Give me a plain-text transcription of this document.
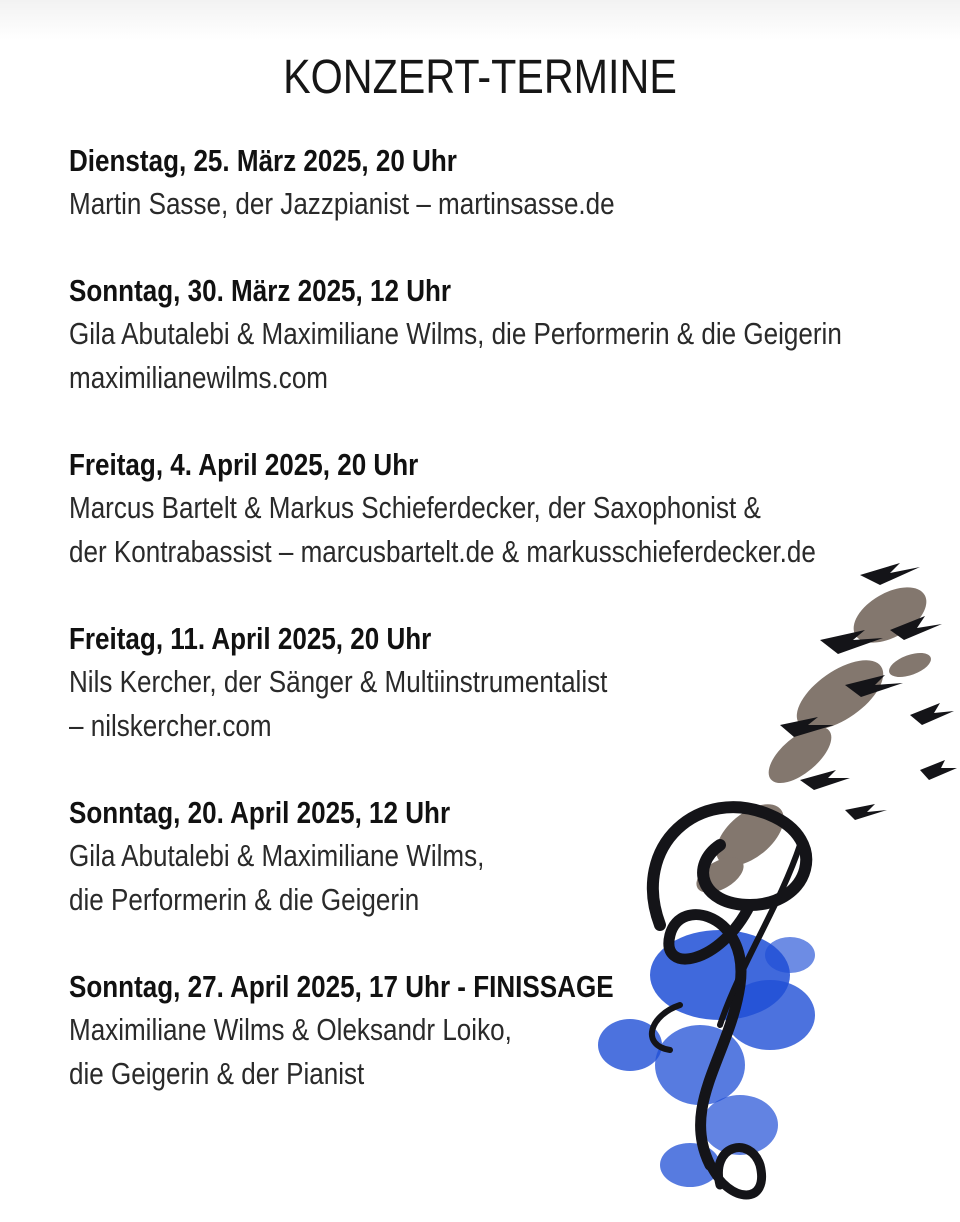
KONZERT-TERMINE
Dienstag, 25. März 2025, 20 Uhr
Martin Sasse, der Jazzpianist – martinsasse.de
Sonntag, 30. März 2025, 12 Uhr
Gila Abutalebi & Maximiliane Wilms, die Performerin & die Geigerin
maximilianewilms.com
Freitag, 4. April 2025, 20 Uhr
Marcus Bartelt & Markus Schieferdecker, der Saxophonist &
der Kontrabassist – marcusbartelt.de & markusschieferdecker.de
Freitag, 11. April 2025, 20 Uhr
Nils Kercher, der Sänger & Multiinstrumentalist
– nilskercher.com
Sonntag, 20. April 2025, 12 Uhr
Gila Abutalebi & Maximiliane Wilms,
die Performerin & die Geigerin
Sonntag, 27. April 2025, 17 Uhr - FINISSAGE
Maximiliane Wilms & Oleksandr Loiko,
die Geigerin & der Pianist
